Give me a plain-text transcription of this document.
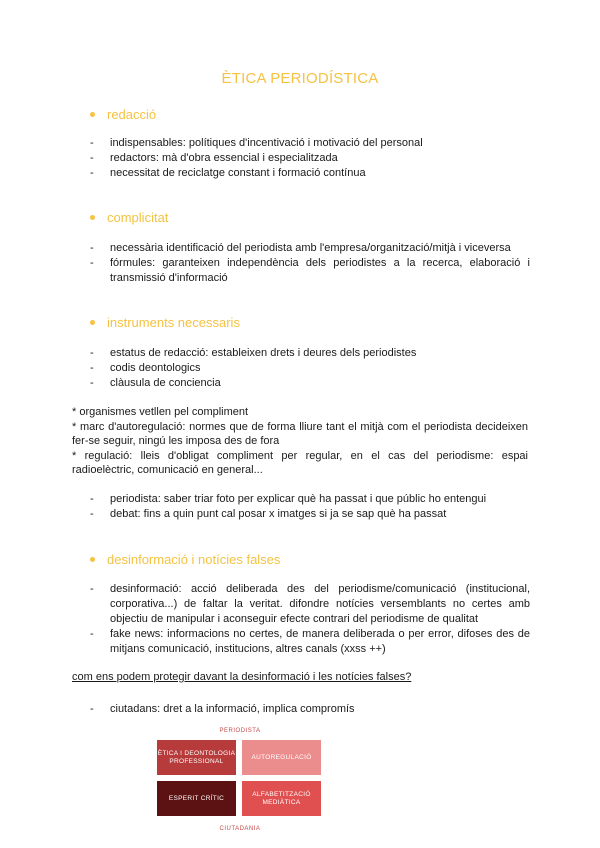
ÈTICA PERIODÍSTICA
redacció
- indispensables: polítiques d'incentivació i motivació del personal
- redactors: mà d'obra essencial i especialitzada
- necessitat de reciclatge constant i formació contínua
complicitat
- necessària identificació del periodista amb l'empresa/organització/mitjà i viceversa
- fórmules: garanteixen independència dels periodistes a la recerca, elaboració i transmissió d'informació
instruments necessaris
- estatus de redacció: estableixen drets i deures dels periodistes
- codis deontologics
- clàusula de conciencia

* organismes vetllen pel compliment

* marc d'autoregulació: normes que de forma lliure tant el mitjà com el periodista decideixen fer-se seguir, ningú les imposa des de fora

* regulació: lleis d'obligat compliment per regular, en el cas del periodisme: espai radioelèctric, comunicació en general...

- periodista: saber triar foto per explicar què ha passat i que públic ho entengui
- debat: fins a quin punt cal posar x imatges si ja se sap què ha passat
desinformació i notícies falses
- desinformació: acció deliberada des del periodisme/comunicació (institucional, corporativa...) de faltar la veritat. difondre notícies versemblants no certes amb objectiu de manipular i aconseguir efecte contrari del periodisme de qualitat
- fake news: informacions no certes, de manera deliberada o per error, difoses des de mitjans comunicació, institucions, altres canals (xxss ++)
com ens podem protegir davant la desinformació i les notícies falses?
- ciutadans: dret a la informació, implica compromís
PERIODISTA
ÈTICA I DEONTOLOGIA PROFESSIONAL
AUTOREGULACIÓ
ESPERIT CRÍTIC
ALFABETITZACIÓ MEDIÀTICA
CIUTADANIA
